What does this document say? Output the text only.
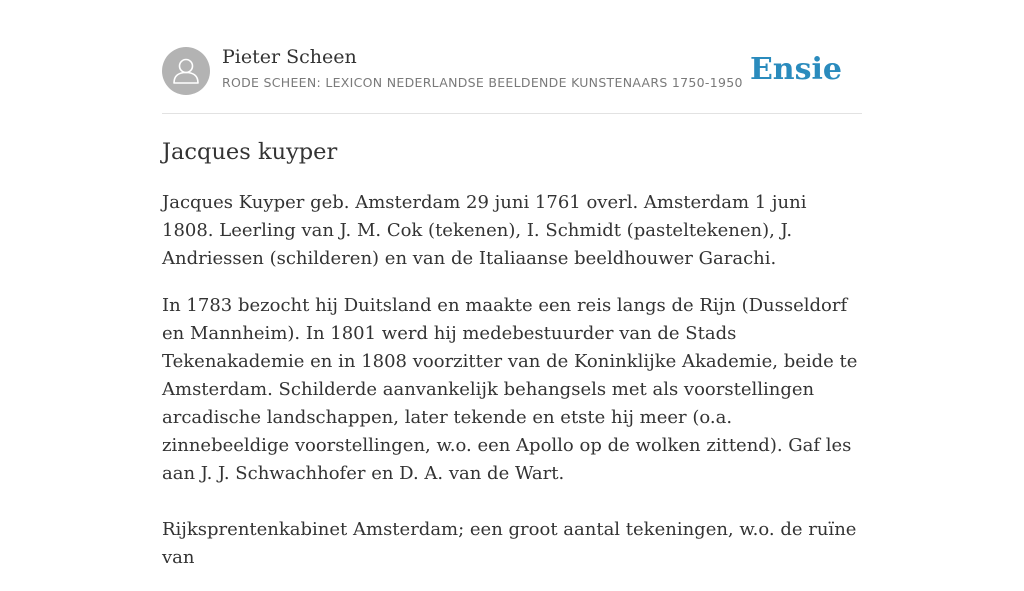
Pieter Scheen
RODE SCHEEN: LEXICON NEDERLANDSE BEELDENDE KUNSTENAARS 1750-1950 Ensie
Jacques kuyper

Jacques Kuyper geb. Amsterdam 29 juni 1761 overl. Amsterdam 1 juni 1808. Leerling van J. M. Cok (tekenen), I. Schmidt (pasteltekenen), J. Andriessen (schilderen) en van de Italiaanse beeldhouwer Garachi.

In 1783 bezocht hij Duitsland en maakte een reis langs de Rijn (Dusseldorf en Mannheim). In 1801 werd hij medebestuurder van de Stads Tekenakademie en in 1808 voorzitter van de Koninklijke Akademie, beide te Amsterdam. Schilderde aanvankelijk behangsels met als voorstellingen arcadische landschappen, later tekende en etste hij meer (o.a. zinnebeeldige voorstellingen, w.o. een Apollo op de wolken zittend). Gaf les aan J. J. Schwachhofer en D. A. van de Wart.

Rijksprentenkabinet Amsterdam; een groot aantal tekeningen, w.o. de ruïne van
